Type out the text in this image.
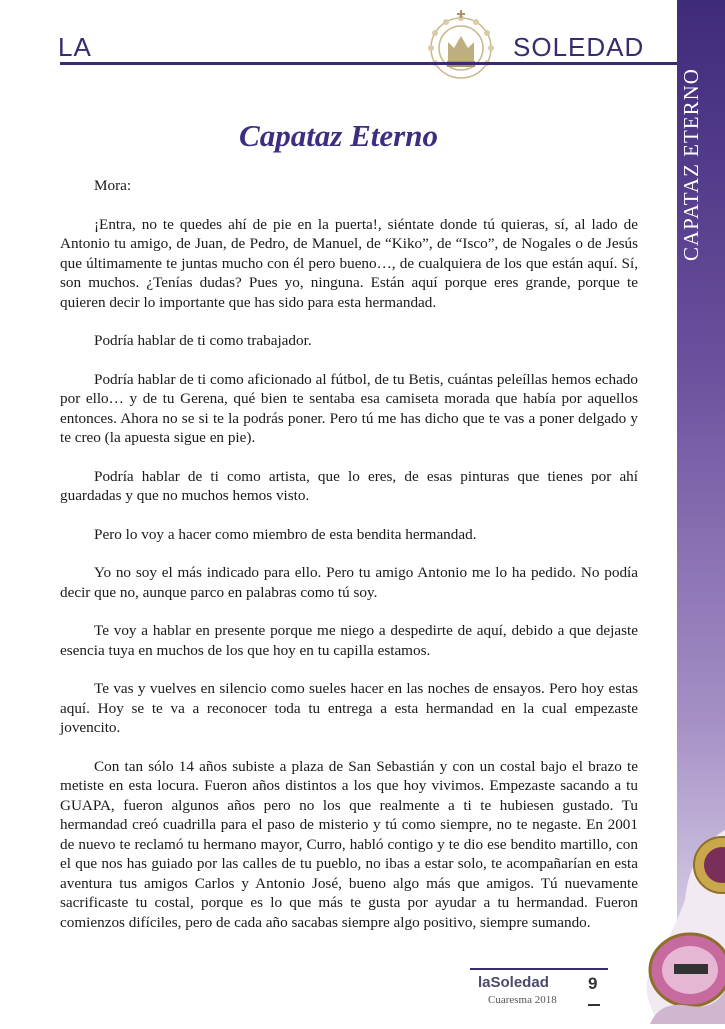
LA	SOLEDAD
CAPATAZ ETERNO
Capataz Eterno

Mora:

¡Entra, no te quedes ahí de pie en la puerta!, siéntate donde tú quieras, sí, al lado de Antonio tu amigo, de Juan, de Pedro, de Manuel, de “Kiko”, de “Isco”, de Nogales o de Jesús que últimamente te juntas mucho con él pero bueno…, de cualquiera de los que están aquí. Sí, son muchos. ¿Tenías dudas? Pues yo, ninguna. Están aquí porque eres grande, porque te quieren decir lo importante que has sido para esta hermandad.

Podría hablar de ti como trabajador.

Podría hablar de ti como aficionado al fútbol, de tu Betis, cuántas peleíllas hemos echado por ello… y de tu Gerena, qué bien te sentaba esa camiseta morada que había por aquellos entonces. Ahora no se si te la podrás poner. Pero tú me has dicho que te vas a poner delgado y te creo (la apuesta sigue en pie).

Podría hablar de ti como artista, que lo eres, de esas pinturas que tienes por ahí guardadas y que no muchos hemos visto.

Pero lo voy a hacer como miembro de esta bendita hermandad.

Yo no soy el más indicado para ello. Pero tu amigo Antonio me lo ha pedido. No podía decir que no, aunque parco en palabras como tú soy.

Te voy a hablar en presente porque me niego a despedirte de aquí, debido a que dejaste esencia tuya en muchos de los que hoy en tu capilla estamos.

Te vas y vuelves en silencio como sueles hacer en las noches de ensayos. Pero hoy estas aquí. Hoy se te va a reconocer toda tu entrega a esta hermandad en la cual empezaste jovencito.

Con tan sólo 14 años subiste a plaza de San Sebastián y con un costal bajo el brazo te metiste en esta locura. Fueron años distintos a los que hoy vivimos. Empezaste sacando a tu GUAPA, fueron algunos años pero no los que realmente a ti te hubiesen gustado. Tu hermandad creó cuadrilla para el paso de misterio y tú como siempre, no te negaste. En 2001 de nuevo te reclamó tu hermano mayor, Curro, habló contigo y te dio ese bendito martillo, con el que nos has guiado por las calles de tu pueblo, no ibas a estar solo, te acompañarían en esta aventura tus amigos Carlos y Antonio José, bueno algo más que amigos. Tú nuevamente sacrificaste tu costal, porque es lo que más te gusta por ayudar a tu hermandad. Fueron comienzos difíciles, pero de cada año sacabas siempre algo positivo, siempre sumando.

laSoledad
Cuaresma 2018
9
